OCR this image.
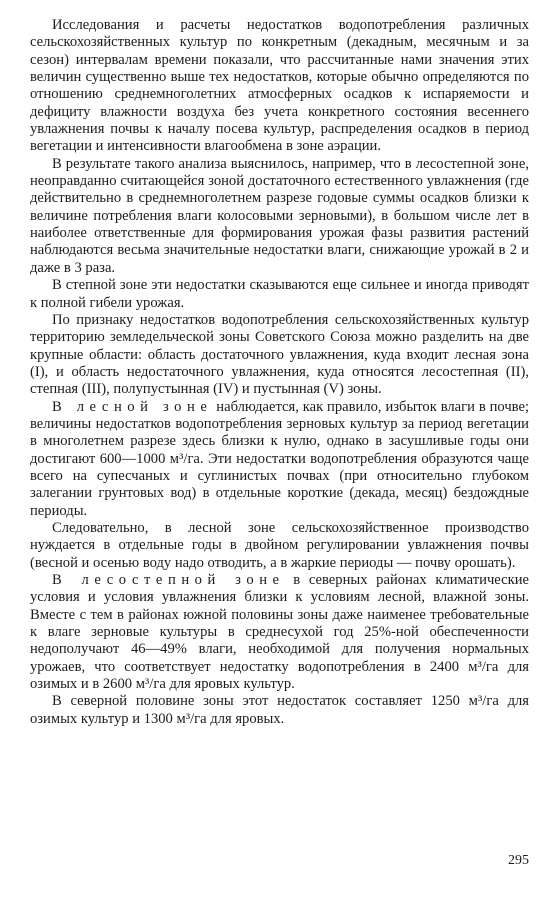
Исследования и расчеты недостатков водопотребления различных сельскохозяйственных культур по конкретным (декадным, месячным и за сезон) интервалам времени показали, что рассчитанные нами значения этих величин существенно выше тех недостатков, которые обычно определяются по отношению среднемноголетних атмосферных осадков к испаряемости и дефициту влажности воздуха без учета конкретного состояния весеннего увлажнения почвы к началу посева культур, распределения осадков в период вегетации и интенсивности влагообмена в зоне аэрации.

В результате такого анализа выяснилось, например, что в лесостепной зоне, неоправданно считающейся зоной достаточного естественного увлажнения (где действительно в среднемноголетнем разрезе годовые суммы осадков близки к величине потребления влаги колосовыми зерновыми), в большом числе лет в наиболее ответственные для формирования урожая фазы развития растений наблюдаются весьма значительные недостатки влаги, снижающие урожай в 2 и даже в 3 раза.

В степной зоне эти недостатки сказываются еще сильнее и иногда приводят к полной гибели урожая.

По признаку недостатков водопотребления сельскохозяйственных культур территорию земледельческой зоны Советского Союза можно разделить на две крупные области: область достаточного увлажнения, куда входит лесная зона (I), и область недостаточного увлажнения, куда относятся лесостепная (II), степная (III), полупустынная (IV) и пустынная (V) зоны.

В лесной зоне наблюдается, как правило, избыток влаги в почве; величины недостатков водопотребления зерновых культур за период вегетации в многолетнем разрезе здесь близки к нулю, однако в засушливые годы они достигают 600—1000 м³/га. Эти недостатки водопотребления образуются чаще всего на супесчаных и суглинистых почвах (при относительно глубоком залегании грунтовых вод) в отдельные короткие (декада, месяц) бездождные периоды.

Следовательно, в лесной зоне сельскохозяйственное производство нуждается в отдельные годы в двойном регулировании увлажнения почвы (весной и осенью воду надо отводить, а в жаркие периоды — почву орошать).

В лесостепной зоне в северных районах климатические условия и условия увлажнения близки к условиям лесной, влажной зоны. Вместе с тем в районах южной половины зоны даже наименее требовательные к влаге зерновые культуры в среднесухой год 25%-ной обеспеченности недополучают 46—49% влаги, необходимой для получения нормальных урожаев, что соответствует недостатку водопотребления в 2400 м³/га для озимых и в 2600 м³/га для яровых культур.

В северной половине зоны этот недостаток составляет 1250 м³/га для озимых культур и 1300 м³/га для яровых.

295
